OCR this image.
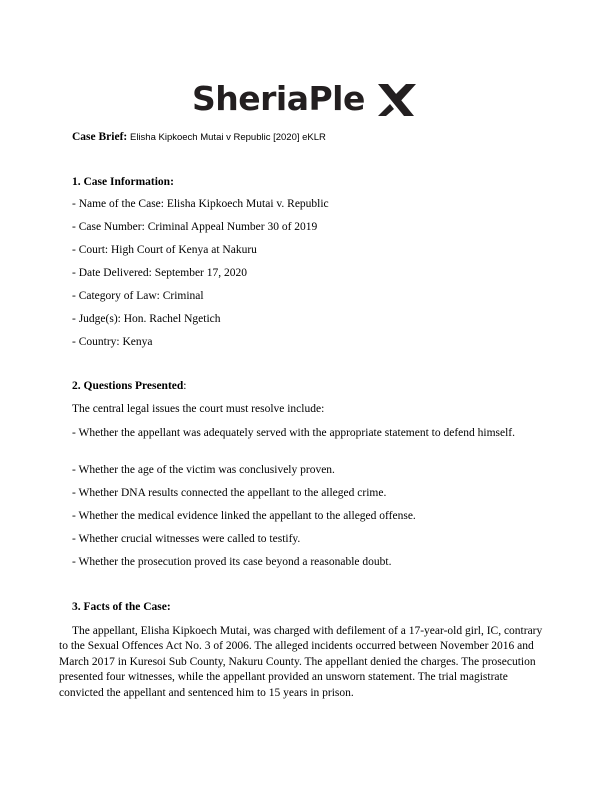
SheriaPle
Case Brief: Elisha Kipkoech Mutai v Republic [2020] eKLR
1. Case Information:
- Name of the Case: Elisha Kipkoech Mutai v. Republic
- Case Number: Criminal Appeal Number 30 of 2019
- Court: High Court of Kenya at Nakuru
- Date Delivered: September 17, 2020
- Category of Law: Criminal
- Judge(s): Hon. Rachel Ngetich
- Country: Kenya
2. Questions Presented:
The central legal issues the court must resolve include:
- Whether the appellant was adequately served with the appropriate statement to defend himself.
- Whether the age of the victim was conclusively proven.
- Whether DNA results connected the appellant to the alleged crime.
- Whether the medical evidence linked the appellant to the alleged offense.
- Whether crucial witnesses were called to testify.
- Whether the prosecution proved its case beyond a reasonable doubt.
3. Facts of the Case:
The appellant, Elisha Kipkoech Mutai, was charged with defilement of a 17-year-old girl, IC, contrary to the Sexual Offences Act No. 3 of 2006. The alleged incidents occurred between November 2016 and March 2017 in Kuresoi Sub County, Nakuru County. The appellant denied the charges. The prosecution presented four witnesses, while the appellant provided an unsworn statement. The trial magistrate convicted the appellant and sentenced him to 15 years in prison.
